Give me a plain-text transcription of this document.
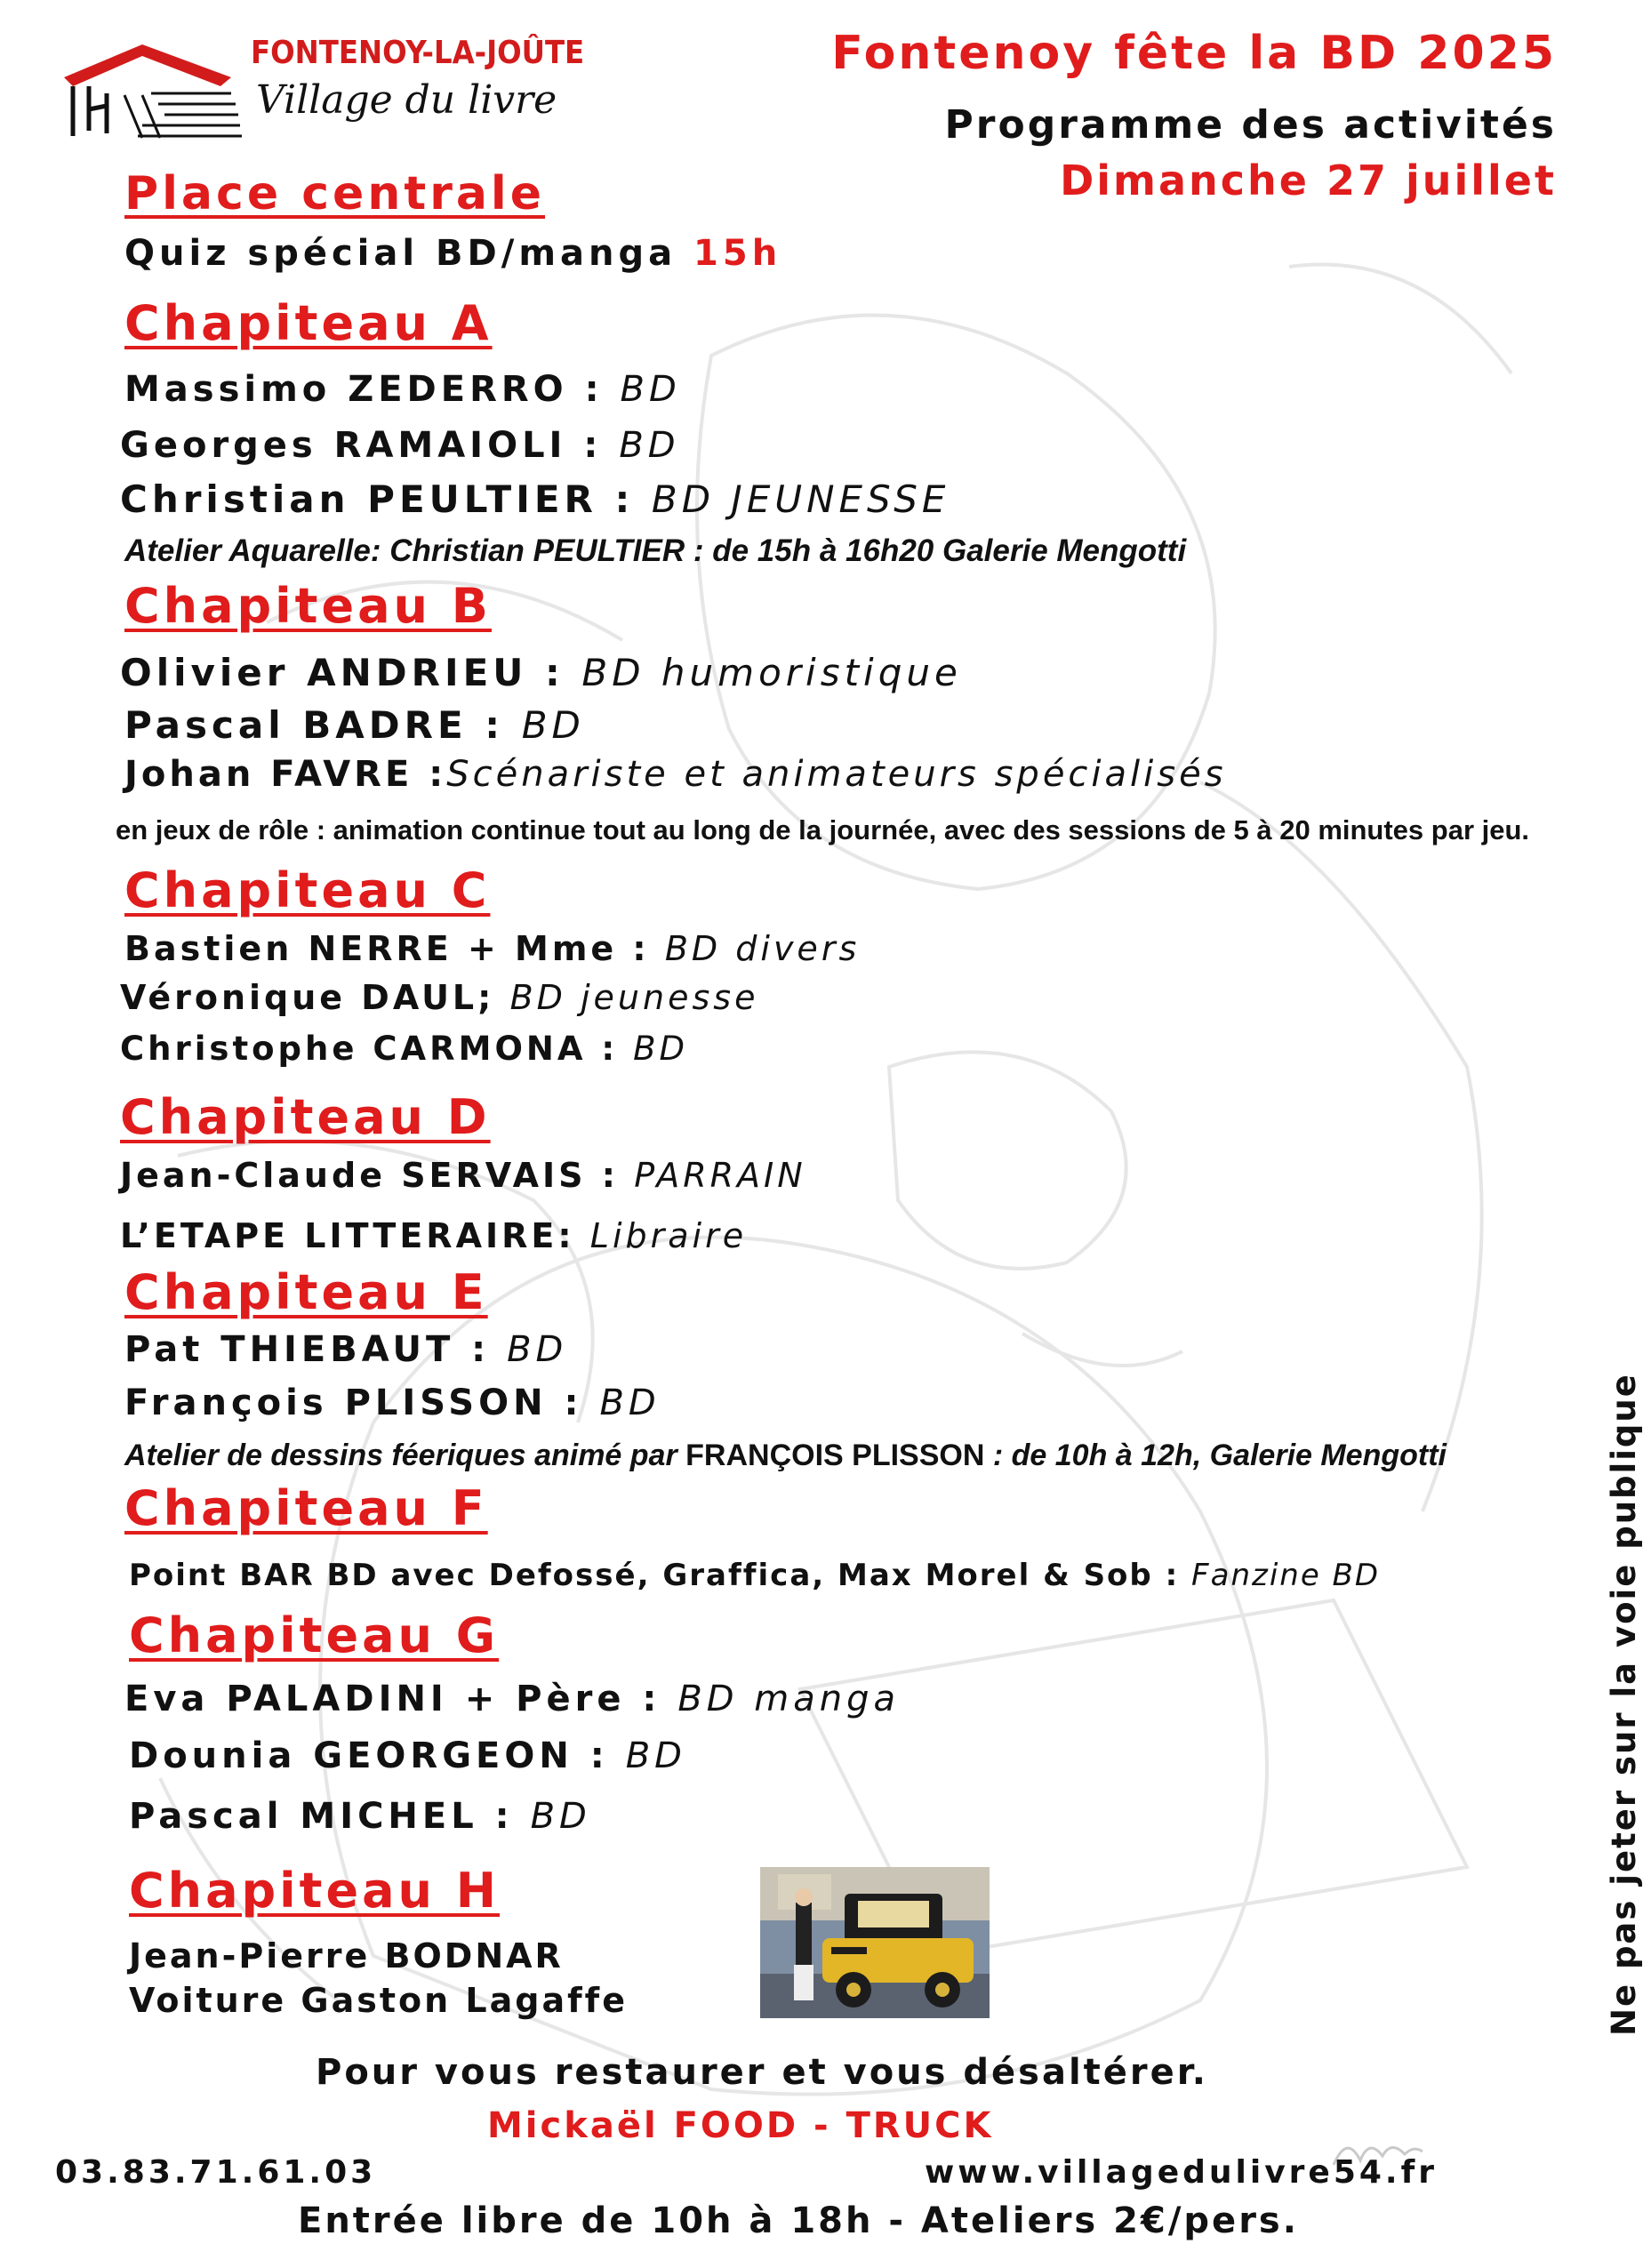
FONTENOY-LA-JOÛTE
Village du livre
Fontenoy fête la BD 2025
Programme des activités
Dimanche 27 juillet
Place centrale
Quiz spécial BD/manga 15h
Chapiteau A
Massimo ZEDERRO : BD
Georges RAMAIOLI : BD
Christian PEULTIER : BD JEUNESSE
Atelier Aquarelle: Christian PEULTIER : de 15h à 16h20 Galerie Mengotti
Chapiteau B
Olivier ANDRIEU : BD humoristique
Pascal BADRE : BD
Johan FAVRE :Scénariste et animateurs spécialisés
en jeux de rôle : animation continue tout au long de la journée, avec des sessions de 5 à 20 minutes par jeu.
Chapiteau C
Bastien NERRE + Mme : BD divers
Véronique DAUL; BD jeunesse
Christophe CARMONA : BD
Chapiteau D
Jean-Claude SERVAIS : PARRAIN
L’ETAPE LITTERAIRE: Libraire
Chapiteau E
Pat THIEBAUT : BD
François PLISSON : BD
Atelier de dessins féeriques animé par FRANÇOIS PLISSON : de 10h à 12h, Galerie Mengotti
Chapiteau F
Point BAR BD avec Defossé, Graffica, Max Morel & Sob : Fanzine BD
Chapiteau G
Eva PALADINI + Père : BD manga
Dounia GEORGEON : BD
Pascal MICHEL : BD
Chapiteau H
Jean-Pierre BODNAR
Voiture Gaston Lagaffe	Ne pas jeter sur la voie publique
Pour vous restaurer et vous désaltérer.
Mickaël FOOD - TRUCK
03.83.71.61.03	www.villagedulivre54.fr
Entrée libre de 10h à 18h - Ateliers 2€/pers.
